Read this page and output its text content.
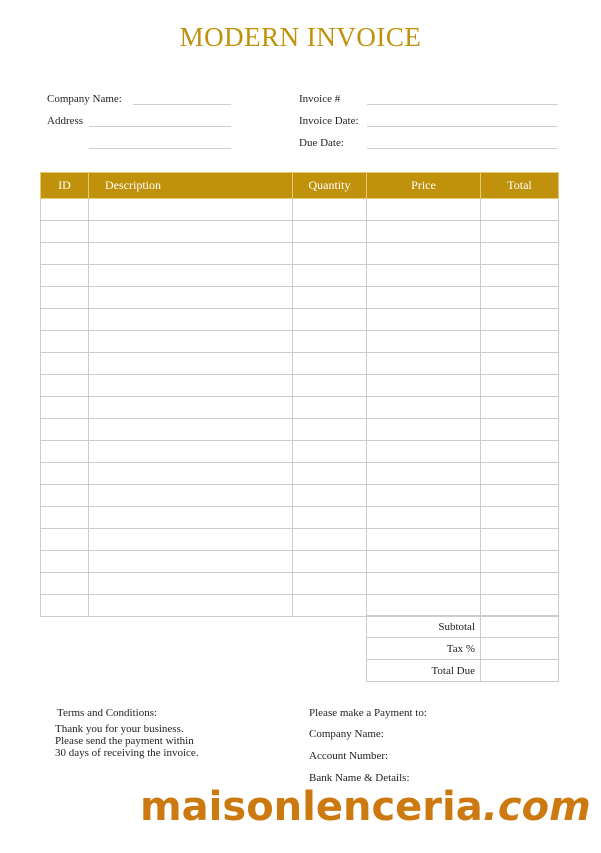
MODERN INVOICE
Company Name:
Address
Invoice #
Invoice Date:
Due Date:
ID	Description	Quantity	Price	Total

Subtotal	
Tax %	
Total Due	
Terms and Conditions:
Thank you for your business.
Please send the payment within
30 days of receiving the invoice.
Please make a Payment to:
Company Name:
Account Number:
Bank Name & Details:
maisonlenceria.com
